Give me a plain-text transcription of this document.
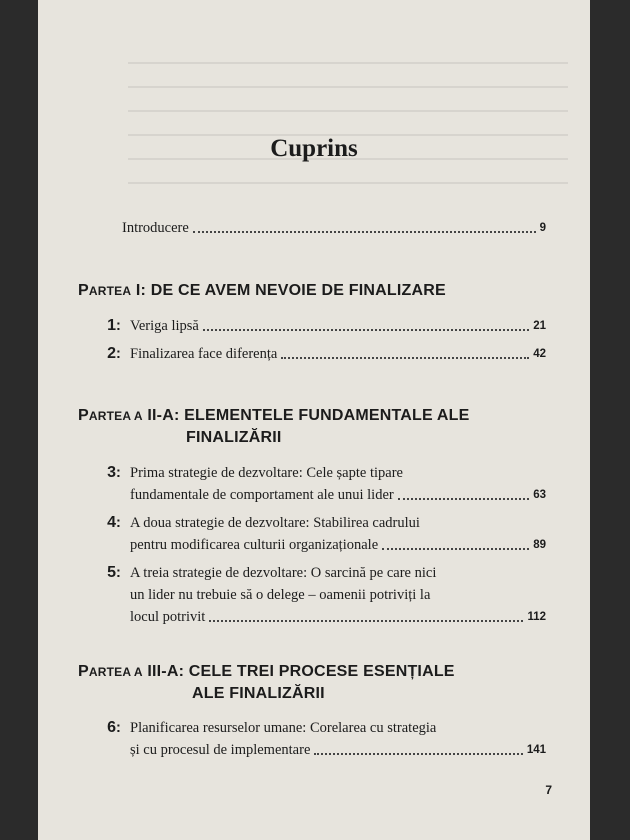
Cuprins
Introducere	9
PARTEA I: DE CE AVEM NEVOIE DE FINALIZARE
1 : Veriga lipsă	21
2 : Finalizarea face diferența	42
PARTEA A II-A: ELEMENTELE FUNDAMENTALE ALE
FINALIZĂRII
3 : Prima strategie de dezvoltare: Cele șapte tipare
fundamentale de comportament ale unui lider	63
4 : A doua strategie de dezvoltare: Stabilirea cadrului
pentru modificarea culturii organizaționale	89
5 : A treia strategie de dezvoltare: O sarcină pe care nici
un lider nu trebuie să o delege – oamenii potriviți la
locul potrivit	112
PARTEA A III-A: CELE TREI PROCESE ESENȚIALE
ALE FINALIZĂRII
6 : Planificarea resurselor umane: Corelarea cu strategia
și cu procesul de implementare	141
7
